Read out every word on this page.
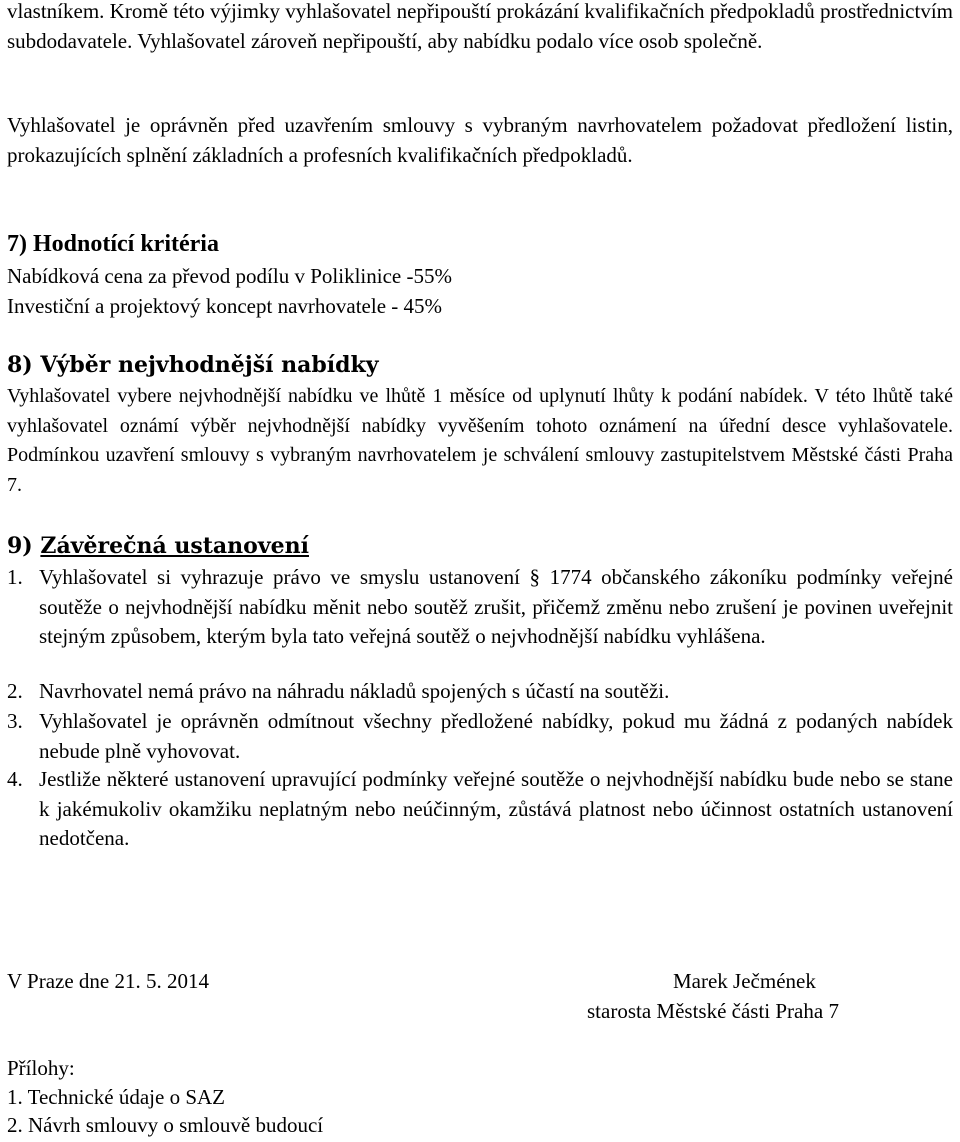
vlastníkem. Kromě této výjimky vyhlašovatel nepřipouští prokázání kvalifikačních předpokladů prostřednictvím subdodavatele. Vyhlašovatel zároveň nepřipouští, aby nabídku podalo více osob společně.

Vyhlašovatel je oprávněn před uzavřením smlouvy s vybraným navrhovatelem požadovat předložení listin, prokazujících splnění základních a profesních kvalifikačních předpokladů.

7) Hodnotící kritéria
Nabídková cena za převod podílu v Poliklinice -55%
Investiční a projektový koncept navrhovatele - 45%
8) Výběr nejvhodnější nabídky

Vyhlašovatel vybere nejvhodnější nabídku ve lhůtě 1 měsíce od uplynutí lhůty k podání nabídek. V této lhůtě také vyhlašovatel oznámí výběr nejvhodnější nabídky vyvěšením tohoto oznámení na úřední desce vyhlašovatele. Podmínkou uzavření smlouvy s vybraným navrhovatelem je schválení smlouvy zastupitelstvem Městské části Praha 7.

9) Závěrečná ustanovení
1. Vyhlašovatel si vyhrazuje právo ve smyslu ustanovení § 1774 občanského zákoníku podmínky veřejné soutěže o nejvhodnější nabídku měnit nebo soutěž zrušit, přičemž změnu nebo zrušení je povinen uveřejnit stejným způsobem, kterým byla tato veřejná soutěž o nejvhodnější nabídku vyhlášena.
2. Navrhovatel nemá právo na náhradu nákladů spojených s účastí na soutěži.
3. Vyhlašovatel je oprávněn odmítnout všechny předložené nabídky, pokud mu žádná z podaných nabídek nebude plně vyhovovat.
4. Jestliže některé ustanovení upravující podmínky veřejné soutěže o nejvhodnější nabídku bude nebo se stane k jakémukoliv okamžiku neplatným nebo neúčinným, zůstává platnost nebo účinnost ostatních ustanovení nedotčena.
V Praze dne 21. 5. 2014	Marek Ječmének
starosta Městské části Praha 7
Přílohy:
1. Technické údaje o SAZ
2. Návrh smlouvy o smlouvě budoucí
